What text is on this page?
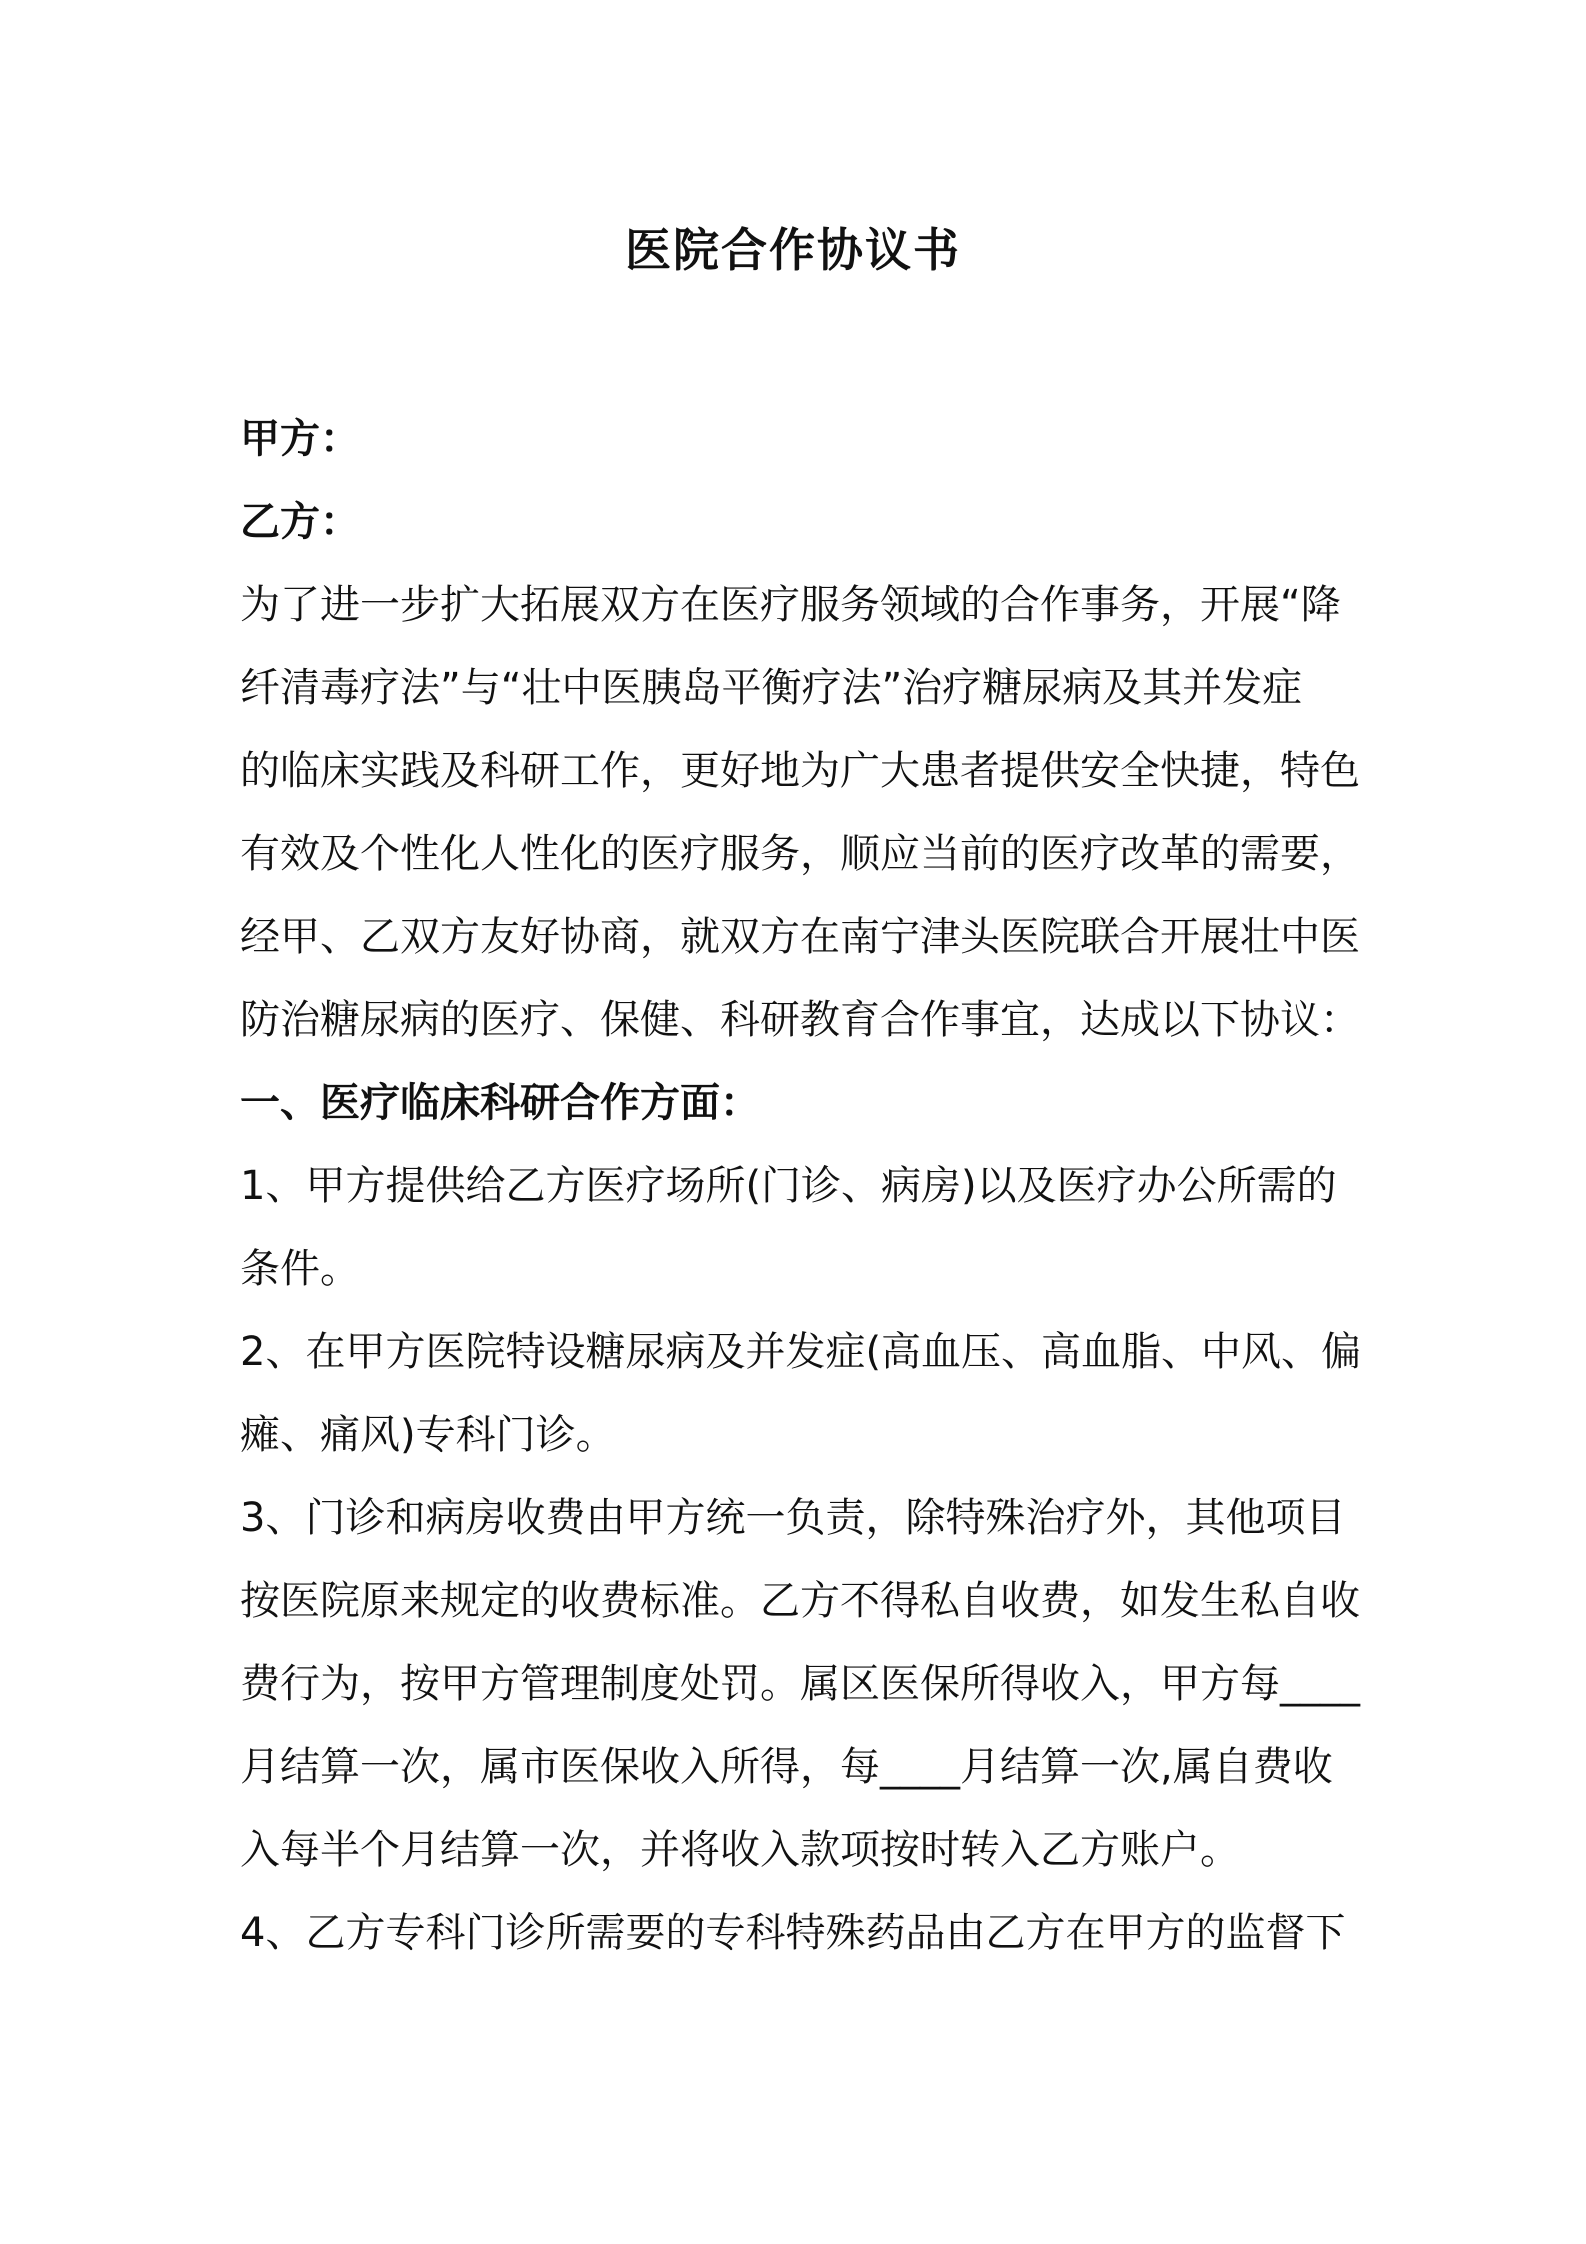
医院合作协议书
甲方：
乙方：
为了进一步扩大拓展双方在医疗服务领域的合作事务，开展“降
纤清毒疗法”与“壮中医胰岛平衡疗法”治疗糖尿病及其并发症
的临床实践及科研工作，更好地为广大患者提供安全快捷，特色
有效及个性化人性化的医疗服务，顺应当前的医疗改革的需要，
经甲、乙双方友好协商，就双方在南宁津头医院联合开展壮中医
防治糖尿病的医疗、保健、科研教育合作事宜，达成以下协议：
一、医疗临床科研合作方面：
1、甲方提供给乙方医疗场所(门诊、病房)以及医疗办公所需的
条件。
2、在甲方医院特设糖尿病及并发症(高血压、高血脂、中风、偏
瘫、痛风)专科门诊。
3、门诊和病房收费由甲方统一负责，除特殊治疗外，其他项目
按医院原来规定的收费标准。乙方不得私自收费，如发生私自收
费行为，按甲方管理制度处罚。属区医保所得收入，甲方每____
月结算一次，属市医保收入所得，每____月结算一次,属自费收
入每半个月结算一次，并将收入款项按时转入乙方账户。
4、乙方专科门诊所需要的专科特殊药品由乙方在甲方的监督下
